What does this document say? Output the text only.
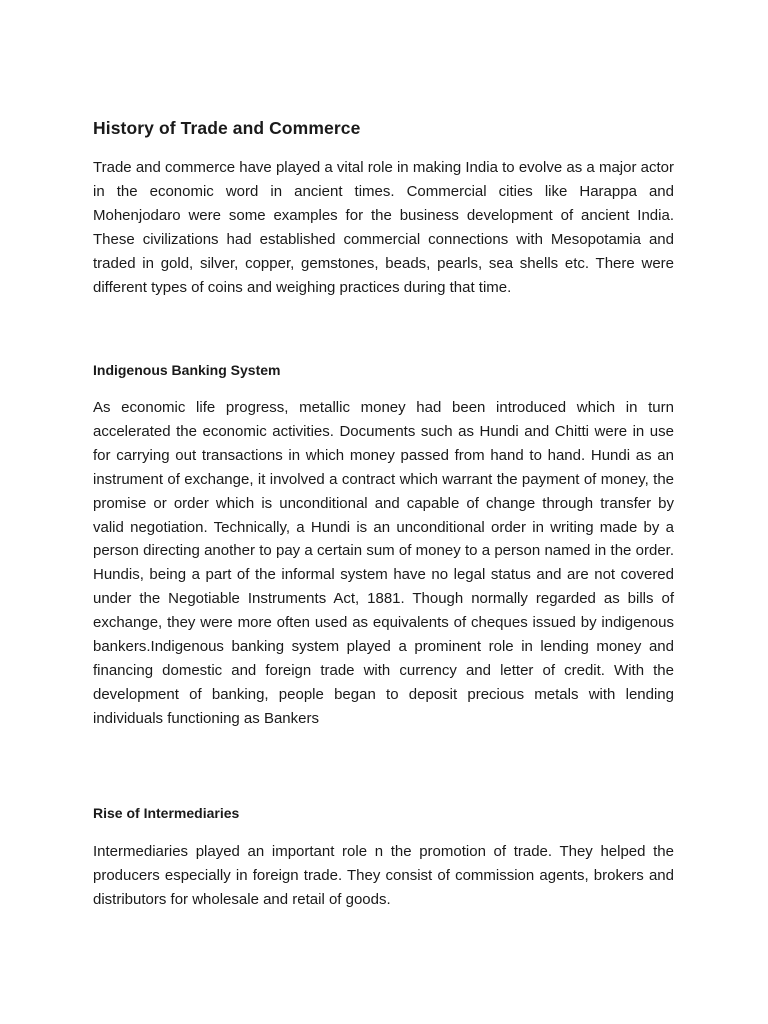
History of Trade and Commerce

Trade and commerce have played a vital role in making India to evolve as a major actor in the economic word in ancient times. Commercial cities like Harappa and Mohenjodaro were some examples for the business development of ancient India. These civilizations had established commercial connections with Mesopotamia and traded in gold, silver, copper, gemstones, beads, pearls, sea shells etc. There were different types of coins and weighing practices during that time.

Indigenous Banking System

As economic life progress, metallic money had been introduced which in turn accelerated the economic activities. Documents such as Hundi and Chitti were in use for carrying out transactions in which money passed from hand to hand. Hundi as an instrument of exchange, it involved a contract which warrant the payment of money, the promise or order which is unconditional and capable of change through transfer by valid negotiation. Technically, a Hundi is an unconditional order in writing made by a person directing another to pay a certain sum of money to a person named in the order. Hundis, being a part of the informal system have no legal status and are not covered under the Negotiable Instruments Act, 1881. Though normally regarded as bills of exchange, they were more often used as equivalents of cheques issued by indigenous bankers.Indigenous banking system played a prominent role in lending money and financing domestic and foreign trade with currency and letter of credit. With the development of banking, people began to deposit precious metals with lending individuals functioning as Bankers

Rise of Intermediaries

Intermediaries played an important role n the promotion of trade. They helped the producers especially in foreign trade. They consist of commission agents, brokers and distributors for wholesale and retail of goods.
